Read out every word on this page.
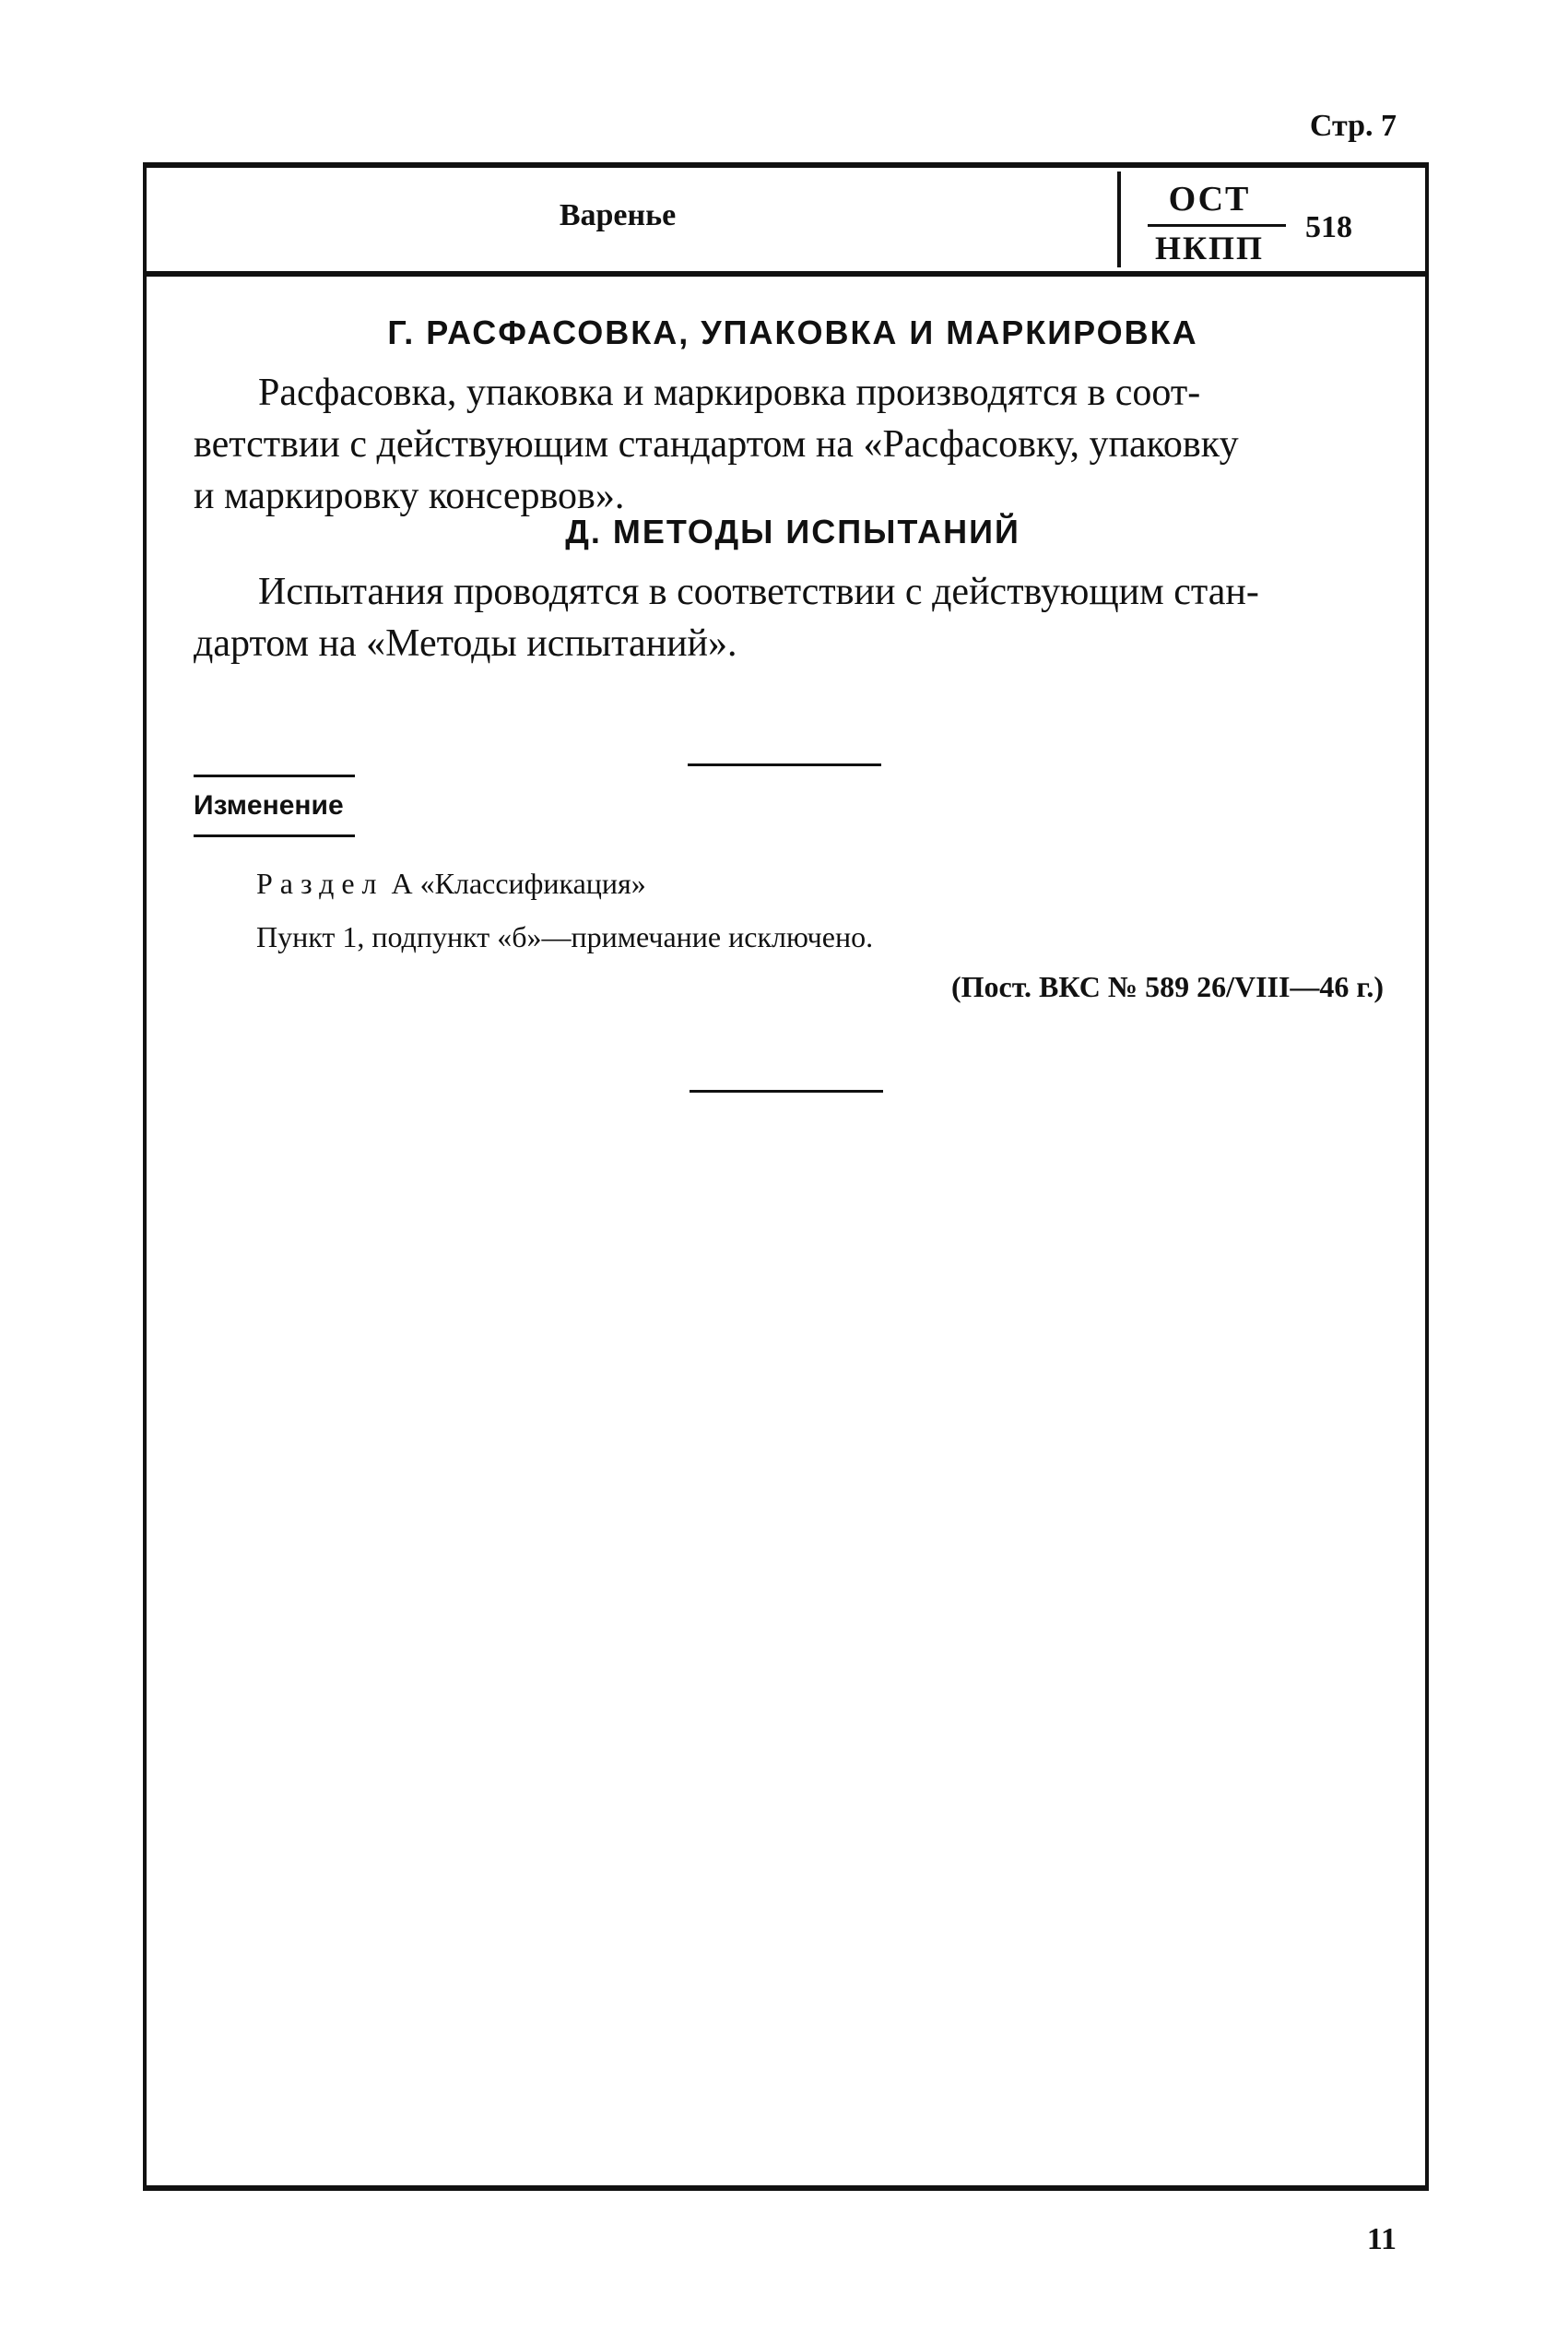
Стр. 7
Варенье	ОСТ
НКПП
518
Г. РАСФАСОВКА, УПАКОВКА И МАРКИРОВКА
Расфасовка, упаковка и маркировка производятся в соот-
ветствии с действующим стандартом на «Расфасовку, упаковку
и маркировку консервов».
Д. МЕТОДЫ ИСПЫТАНИЙ
Испытания проводятся в соответствии с действующим стан-
дартом на «Методы испытаний».
Изменение
Раздел А «Классификация»
Пункт 1, подпункт «б»—примечание исключено.
(Пост. ВКС № 589 26/VIII—46 г.)
11
